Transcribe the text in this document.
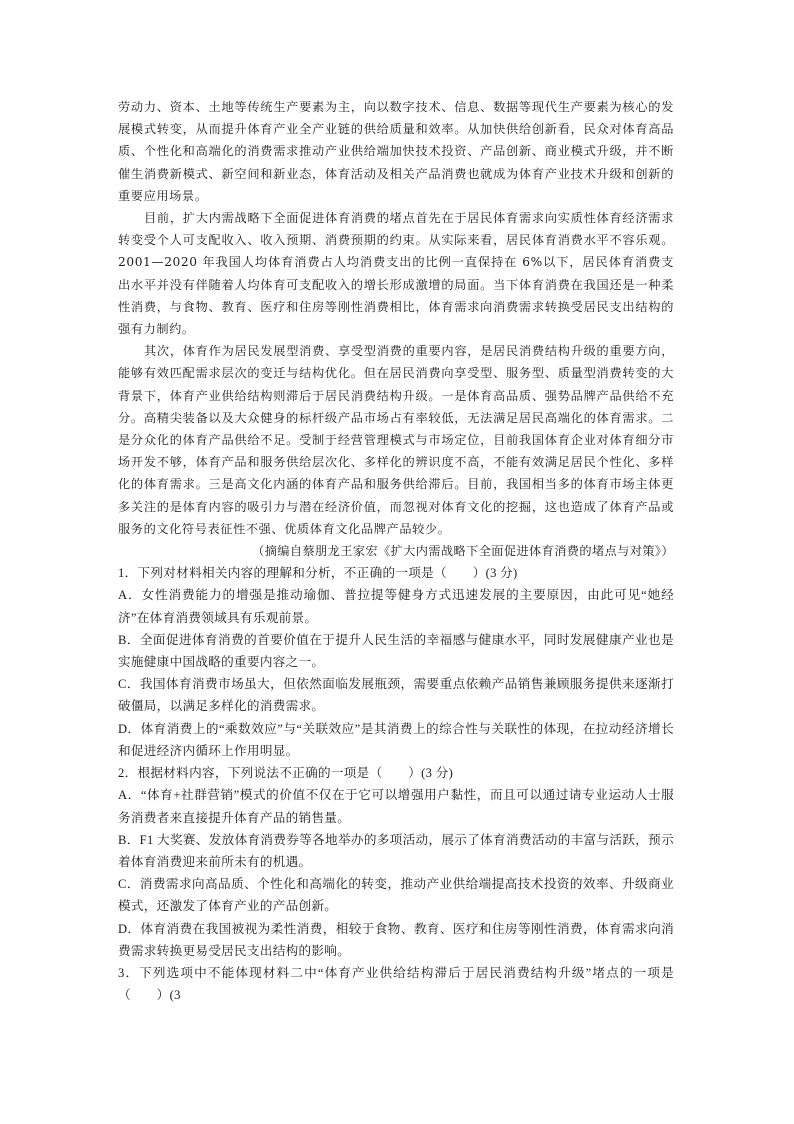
劳动力、资本、土地等传统生产要素为主，向以数字技术、信息、数据等现代生产要素为核心的发展模式转变，从而提升体育产业全产业链的供给质量和效率。从加快供给创新看，民众对体育高品质、个性化和高端化的消费需求推动产业供给端加快技术投资、产品创新、商业模式升级，并不断催生消费新模式、新空间和新业态，体育活动及相关产品消费也就成为体育产业技术升级和创新的重要应用场景。

目前，扩大内需战略下全面促进体育消费的堵点首先在于居民体育需求向实质性体育经济需求转变受个人可支配收入、收入预期、消费预期的约束。从实际来看，居民体育消费水平不容乐观。2001—2020 年我国人均体育消费占人均消费支出的比例一直保持在 6%以下，居民体育消费支出水平并没有伴随着人均体育可支配收入的增长形成激增的局面。当下体育消费在我国还是一种柔性消费，与食物、教育、医疗和住房等刚性消费相比，体育需求向消费需求转换受居民支出结构的强有力制约。

其次，体育作为居民发展型消费、享受型消费的重要内容，是居民消费结构升级的重要方向，能够有效匹配需求层次的变迁与结构优化。但在居民消费向享受型、服务型、质量型消费转变的大背景下，体育产业供给结构则滞后于居民消费结构升级。一是体育高品质、强势品牌产品供给不充分。高精尖装备以及大众健身的标杆级产品市场占有率较低，无法满足居民高端化的体育需求。二是分众化的体育产品供给不足。受制于经营管理模式与市场定位，目前我国体育企业对体育细分市场开发不够，体育产品和服务供给层次化、多样化的辨识度不高，不能有效满足居民个性化、多样化的体育需求。三是高文化内涵的体育产品和服务供给滞后。目前，我国相当多的体育市场主体更多关注的是体育内容的吸引力与潜在经济价值，而忽视对体育文化的挖掘，这也造成了体育产品或服务的文化符号表征性不强、优质体育文化品牌产品较少。

（摘编自蔡朋龙王家宏《扩大内需战略下全面促进体育消费的堵点与对策》）

1．下列对材料相关内容的理解和分析，不正确的一项是（　　）(3 分)

A．女性消费能力的增强是推动瑜伽、普拉提等健身方式迅速发展的主要原因，由此可见“她经济”在体育消费领域具有乐观前景。

B．全面促进体育消费的首要价值在于提升人民生活的幸福感与健康水平，同时发展健康产业也是实施健康中国战略的重要内容之一。

C．我国体育消费市场虽大，但依然面临发展瓶颈，需要重点依赖产品销售兼顾服务提供来逐渐打破僵局，以满足多样化的消费需求。

D．体育消费上的“乘数效应”与“关联效应”是其消费上的综合性与关联性的体现，在拉动经济增长和促进经济内循环上作用明显。

2．根据材料内容，下列说法不正确的一项是（　　）(3 分)

A．“体育+社群营销”模式的价值不仅在于它可以增强用户黏性，而且可以通过请专业运动人士服务消费者来直接提升体育产品的销售量。

B．F1 大奖赛、发放体育消费券等各地举办的多项活动，展示了体育消费活动的丰富与活跃，预示着体育消费迎来前所未有的机遇。

C．消费需求向高品质、个性化和高端化的转变，推动产业供给端提高技术投资的效率、升级商业模式，还激发了体育产业的产品创新。

D．体育消费在我国被视为柔性消费，相较于食物、教育、医疗和住房等刚性消费，体育需求向消费需求转换更易受居民支出结构的影响。

3．下列选项中不能体现材料二中“体育产业供给结构滞后于居民消费结构升级”堵点的一项是（　　）(3
